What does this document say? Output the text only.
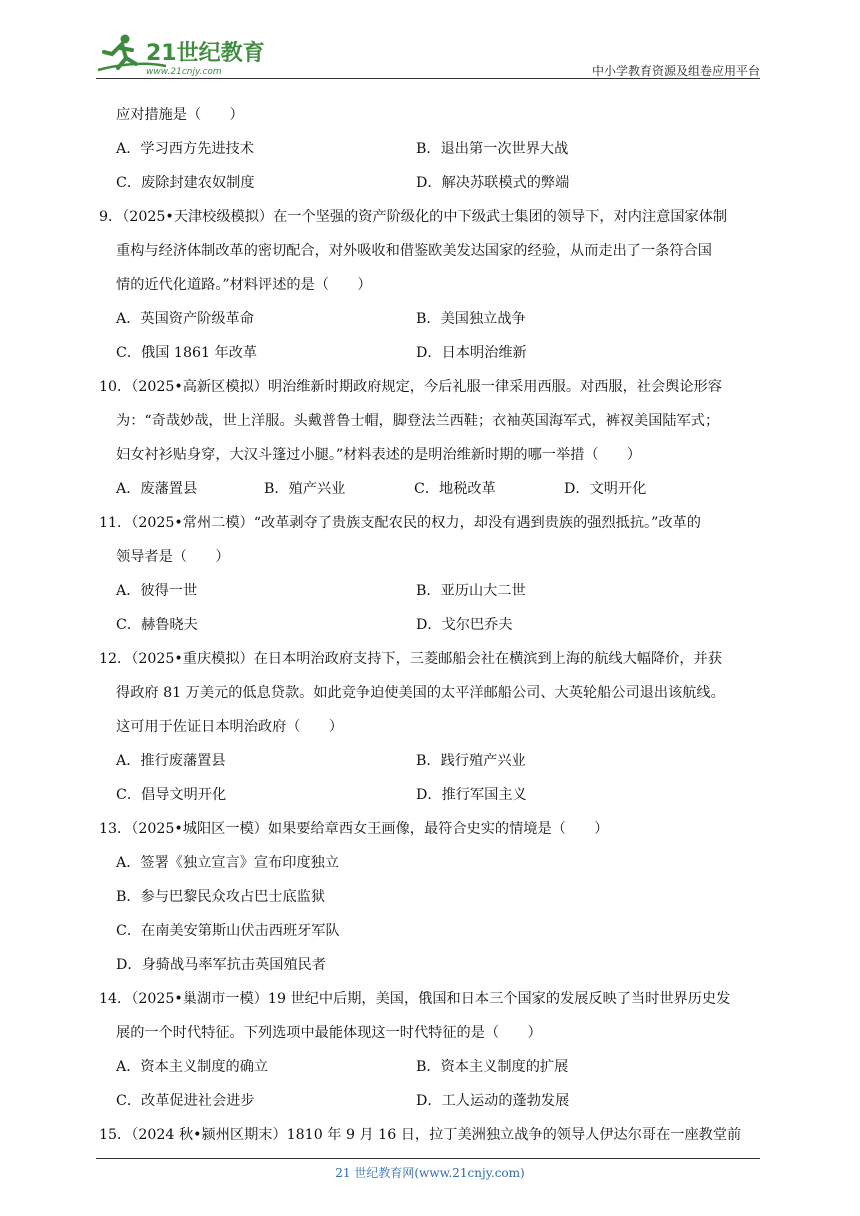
21世纪教育
www.21cnjy.com	中小学教育资源及组卷应用平台
应对措施是（　　）
A．学习西方先进技术	B．退出第一次世界大战
C．废除封建农奴制度	D．解决苏联模式的弊端
9．（2025•天津校级模拟）在一个坚强的资产阶级化的中下级武士集团的领导下，对内注意国家体制
重构与经济体制改革的密切配合，对外吸收和借鉴欧美发达国家的经验，从而走出了一条符合国
情的近代化道路。”材料评述的是（　　）
A．英国资产阶级革命	B．美国独立战争
C．俄国 1861 年改革	D．日本明治维新
10．（2025•高新区模拟）明治维新时期政府规定，今后礼服一律采用西服。对西服，社会舆论形容
为：“奇哉妙哉，世上洋服。头戴普鲁士帽，脚登法兰西鞋；衣袖英国海军式，裤衩美国陆军式；
妇女衬衫贴身穿，大汉斗篷过小腿。”材料表述的是明治维新时期的哪一举措（　　）
A．废藩置县	B．殖产兴业	C．地税改革	D．文明开化
11．（2025•常州二模）“改革剥夺了贵族支配农民的权力，却没有遇到贵族的强烈抵抗。”改革的
领导者是（　　）
A．彼得一世	B．亚历山大二世
C．赫鲁晓夫	D．戈尔巴乔夫
12．（2025•重庆模拟）在日本明治政府支持下，三菱邮船会社在横滨到上海的航线大幅降价，并获
得政府 81 万美元的低息贷款。如此竞争迫使美国的太平洋邮船公司、大英轮船公司退出该航线。
这可用于佐证日本明治政府（　　）
A．推行废藩置县	B．践行殖产兴业
C．倡导文明开化	D．推行军国主义
13．（2025•城阳区一模）如果要给章西女王画像，最符合史实的情境是（　　）
A．签署《独立宣言》宣布印度独立
B．参与巴黎民众攻占巴士底监狱
C．在南美安第斯山伏击西班牙军队
D．身骑战马率军抗击英国殖民者
14．（2025•巢湖市一模）19 世纪中后期，美国，俄国和日本三个国家的发展反映了当时世界历史发
展的一个时代特征。下列选项中最能体现这一时代特征的是（　　）
A．资本主义制度的确立	B．资本主义制度的扩展
C．改革促进社会进步	D．工人运动的蓬勃发展
15．（2024 秋•颍州区期末）1810 年 9 月 16 日，拉丁美洲独立战争的领导人伊达尔哥在一座教堂前
21 世纪教育网(www.21cnjy.com)
